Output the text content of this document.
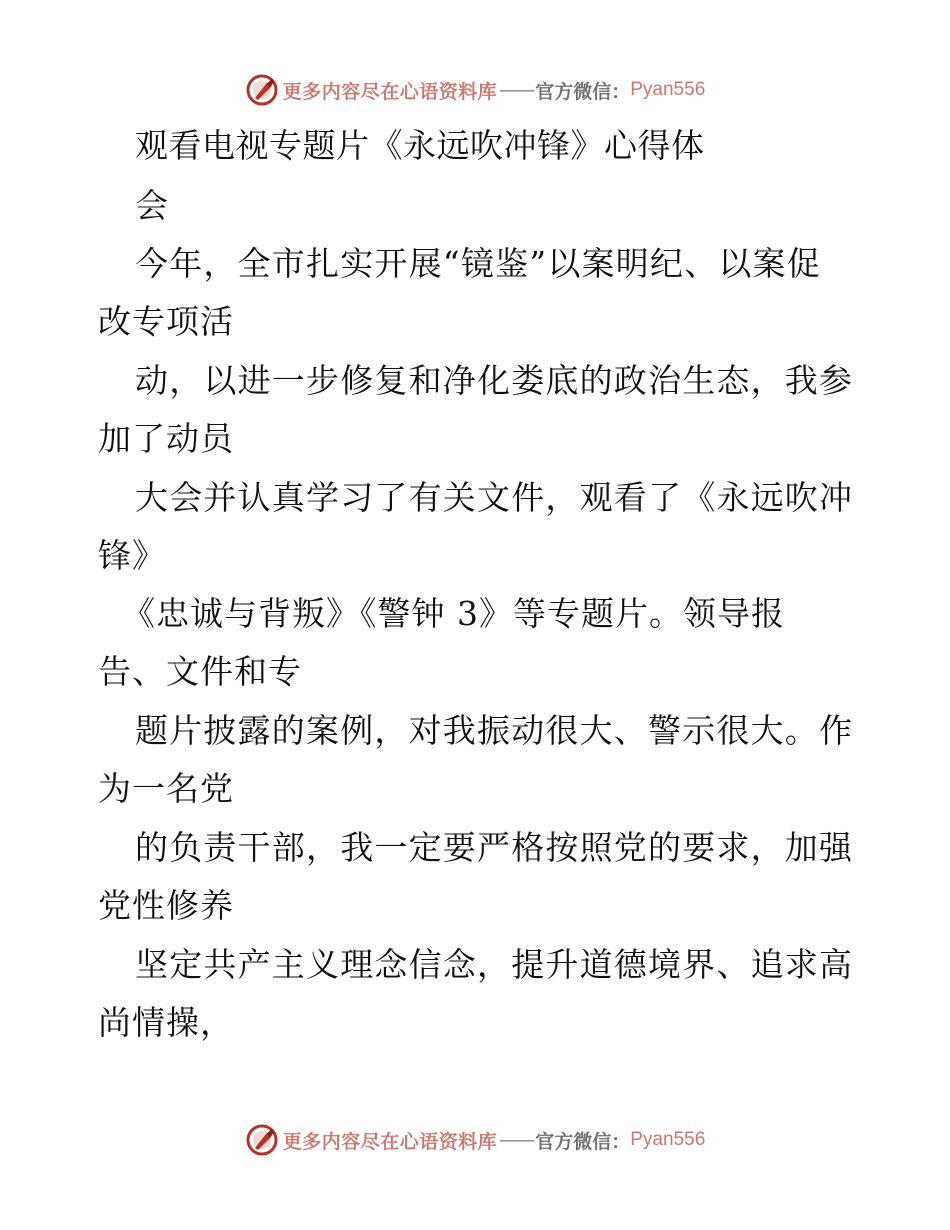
更多内容尽在心语资料库 —— 官方微信： Pyan556
观看电视专题片《永远吹冲锋》心得体
会
今年，全市扎实开展“镜鉴”以案明纪、以案促
改专项活
动，以进一步修复和净化娄底的政治生态，我参
加了动员
大会并认真学习了有关文件，观看了《永远吹冲
锋》
《忠诚与背叛》《警钟 3》等专题片。领导报
告、文件和专
题片披露的案例，对我振动很大、警示很大。作
为一名党
的负责干部，我一定要严格按照党的要求，加强
党性修养
坚定共产主义理念信念，提升道德境界、追求高
尚情操，
更多内容尽在心语资料库 —— 官方微信： Pyan556
